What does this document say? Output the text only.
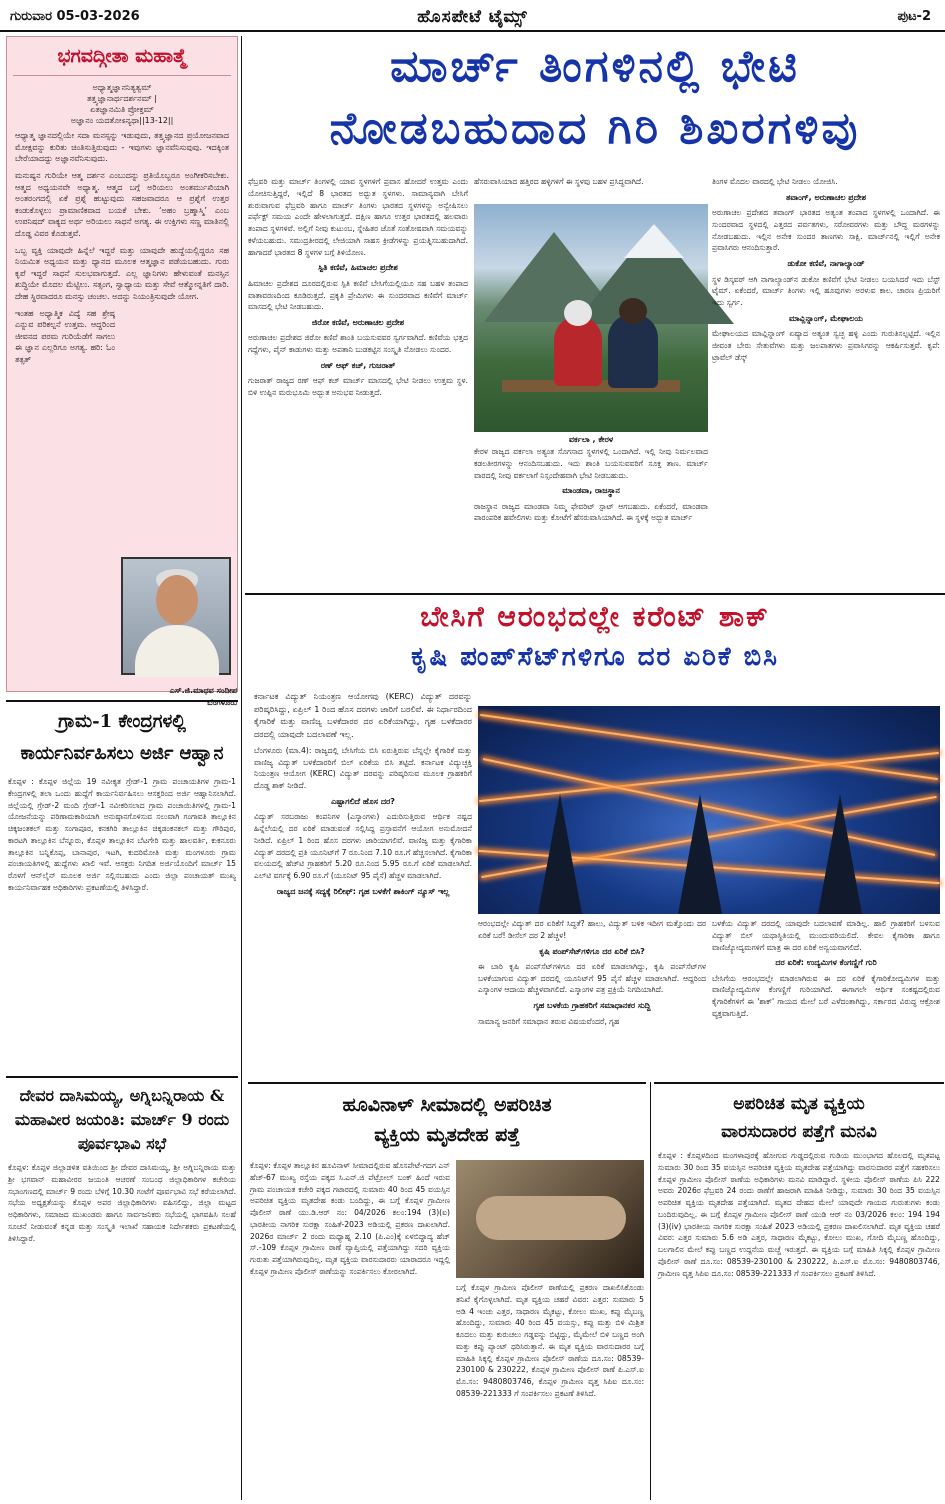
ಗುರುವಾರ 05-03-2026	ಹೊಸಪೇಟೆ ಟೈಮ್ಸ್	ಪುಟ-2
ಭಗವದ್ಗೀತಾ ಮಹಾತ್ಮೆ
ಅಧ್ಯಾತ್ಮಜ್ಞಾನನಿತ್ಯತ್ವಮ್
ತತ್ತ್ವಜ್ಞಾನಾರ್ಥದರ್ಶನಮ್ |
ಏತಜ್ಞಾನಮಿತಿ ಪ್ರೋಕ್ತಮ್
ಅಜ್ಞಾನಂ ಯದತೋಽನ್ಯಥಾ||13-12||

ಆಧ್ಯಾತ್ಮ ಜ್ಞಾನದಲ್ಲಿಯೇ ಸದಾ ಮನಸ್ಸನ್ನು ಇಡುವುದು, ತತ್ತ್ವಜ್ಞಾನದ ಪ್ರಯೋಜನವಾದ ಮೋಕ್ಷವನ್ನು ಕುರಿತು ಚಿಂತಿಸುತ್ತಿರುವುದು - ಇವುಗಳು ಜ್ಞಾನವೆನಿಸುವುವು. ಇದಕ್ಕಿಂತ ಬೇರೆಯಾದದ್ದು ಅಜ್ಞಾನವೆನಿಸುವುದು.

ಮನುಷ್ಯನ ಗುರಿಯೇ ಆತ್ಮ ದರ್ಶನ ಎಂಬುದನ್ನು ಪ್ರತಿಯೊಬ್ಬರೂ ಅಂಗೀಕರಿಸಬೇಕು. ಆತ್ಮದ ಅಧ್ಯಯನವೇ ಅಧ್ಯಾತ್ಮ. ಆತ್ಮದ ಬಗ್ಗೆ ಅರಿಯಲು ಅಂತರ್ಮುಖಿಯಾಗಿ ಅಂತರಂಗದಲ್ಲಿ ಏಕೆ ಪ್ರಶ್ನೆ ಹುಟ್ಟುವುದು ಸಹಜವಾದರೂ ಆ ಪ್ರಶ್ನೆಗೆ ಉತ್ತರ ಕಂಡುಕೊಳ್ಳಲು ಪ್ರಾಮಾಣಿಕವಾದ ಬಯಕೆ ಬೇಕು. ‘ಅಹಂ ಬ್ರಹ್ಮಾಸ್ಮಿ’ ಎಂಬ ಉಪನಿಷದ್ ವಾಕ್ಯದ ಅರ್ಥ ಅರಿಯಲು ಸಾಧನೆ ಅಗತ್ಯ. ಈ ಉಕ್ತಿಗಳು ಸಣ್ಣ ಮಾತಿನಲ್ಲಿ ದೊಡ್ಡ ವಿವರ ಕೊಡುತ್ತವೆ.

ಒಬ್ಬ ವ್ಯಕ್ತಿ ಯಾವುದೇ ಹಿನ್ನೆಲೆ ಇದ್ದರೆ ಮತ್ತು ಯಾವುದೇ ಹುದ್ದೆಯಲ್ಲಿದ್ದರೂ ಸಹ ನಿಯಮಿತ ಅಧ್ಯಯನ ಮತ್ತು ಧ್ಯಾನದ ಮೂಲಕ ಆತ್ಮಜ್ಞಾನ ಪಡೆಯಬಹುದು. ಗುರು ಕೃಪೆ ಇದ್ದರೆ ಸಾಧನೆ ಸುಲಭವಾಗುತ್ತದೆ. ಎಲ್ಲ ಜ್ಞಾನಿಗಳು ಹೇಳುವಂತೆ ಮನಸ್ಸಿನ ಶುದ್ಧಿಯೇ ಮೊದಲ ಮೆಟ್ಟಿಲು. ಸತ್ಸಂಗ, ಸ್ವಾಧ್ಯಾಯ ಮತ್ತು ಸೇವೆ ಆತ್ಮೋನ್ನತಿಗೆ ದಾರಿ. ದೇಹ ಸ್ಥಿರವಾದರೂ ಮನಸ್ಸು ಚಂಚಲ. ಅದನ್ನು ನಿಯಂತ್ರಿಸುವುದೇ ಯೋಗ.

ಇಂತಹ ಅಧ್ಯಾತ್ಮಿಕ ವಿದ್ಯೆ ಸಹ ಶ್ರೇಷ್ಠ ಎನ್ನುವ ಪರಿಕಲ್ಪನೆ ಉತ್ತಮ. ಆದ್ದರಿಂದ ಜೀವನದ ಪರಮ ಗುರಿಯೆಡೆಗೆ ಸಾಗಲು ಈ ಜ್ಞಾನ ಎಲ್ಲರಿಗೂ ಅಗತ್ಯ. ಹರಿ: ಓಂ ತತ್ಸತ್

ಎಸ್.ಜಿ.ಮಾಧವ ಸಂದೀಪ
ಬೆಂಗಳೂರು
ಗ್ರಾಮ-1 ಕೇಂದ್ರಗಳಲ್ಲಿ ಕಾರ್ಯನಿರ್ವಹಿಸಲು ಅರ್ಜಿ ಆಹ್ವಾನ
ಕೊಪ್ಪಳ : ಕೊಪ್ಪಳ ಜಿಲ್ಲೆಯ 19 ನವೀಕೃತ ಗ್ರೇಡ್-1 ಗ್ರಾಮ ಪಂಚಾಯತಿಗಳ ಗ್ರಾಮ-1 ಕೇಂದ್ರಗಳಲ್ಲಿ ತಲಾ ಒಂದು ಹುದ್ದೆಗೆ ಕಾರ್ಯನಿರ್ವಹಿಸಲು ಆಸಕ್ತರಿಂದ ಅರ್ಜಿ ಆಹ್ವಾನಿಸಲಾಗಿದೆ. ಜಿಲ್ಲೆಯಲ್ಲಿ ಗ್ರೇಡ್-2 ಮಂದಿ ಗ್ರೇಡ್-1 ನವೀಕರಿಸಲಾದ ಗ್ರಾಮ ಪಂಚಾಯಿತಿಗಳಲ್ಲಿ ಗ್ರಾಮ-1 ಯೋಜನೆಯನ್ನು ಪರಿಣಾಮಕಾರಿಯಾಗಿ ಅನುಷ್ಠಾನಗೊಳಿಸುವ ಸಲುವಾಗಿ ಗಂಗಾವತಿ ತಾಲ್ಲೂಕಿನ ಚಿಕ್ಕಜಂತಕಲ್ ಮತ್ತು ಸಂಗಾಪೂರ, ಕನಕಗಿರಿ ತಾಲ್ಲೂಕಿನ ಚಿಕ್ಕಡಂಕನಕಲ್ ಮತ್ತು ಗೌರಿಪುರ, ಕಾರಟಗಿ ತಾಲ್ಲೂಕಿನ ಬೆನ್ನೂರು, ಕೊಪ್ಪಳ ತಾಲ್ಲೂಕಿನ ಬೆಟಗೇರಿ ಮತ್ತು ಹಾಲವರ್ತಿ, ಕುಕನೂರು ತಾಲ್ಲೂಕಿನ ಬನ್ನಿಕೊಪ್ಪ, ಬಾನಾಪುರ, ಇಟಗಿ, ಕುದರಿಮೋತಿ ಮತ್ತು ಮಂಗಳೂರು ಗ್ರಾಮ ಪಂಚಾಯತಿಗಳಲ್ಲಿ ಹುದ್ದೆಗಳು ಖಾಲಿ ಇವೆ. ಆಸಕ್ತರು ನಿಗದಿತ ಅರ್ಜಿಯೊಂದಿಗೆ ಮಾರ್ಚ್ 15 ರೊಳಗೆ ಆನ್‌ಲೈನ್ ಮೂಲಕ ಅರ್ಜಿ ಸಲ್ಲಿಸಬಹುದು ಎಂದು ಜಿಲ್ಲಾ ಪಂಚಾಯತ್ ಮುಖ್ಯ ಕಾರ್ಯನಿರ್ವಾಹಕ ಅಧಿಕಾರಿಗಳು ಪ್ರಕಟಣೆಯಲ್ಲಿ ತಿಳಿಸಿದ್ದಾರೆ.
ದೇವರ ದಾಸಿಮಯ್ಯ, ಅಗ್ನಿಬನ್ನಿರಾಯ & ಮಹಾವೀರ ಜಯಂತಿ: ಮಾರ್ಚ್ 9 ರಂದು ಪೂರ್ವಭಾವಿ ಸಭೆ
ಕೊಪ್ಪಳ: ಕೊಪ್ಪಳ ಜಿಲ್ಲಾಡಳಿತ ವತಿಯಿಂದ ಶ್ರೀ ದೇವರ ದಾಸಿಮಯ್ಯ, ಶ್ರೀ ಅಗ್ನಿಬನ್ನಿರಾಯ ಮತ್ತು ಶ್ರೀ ಭಗವಾನ್ ಮಹಾವೀರರ ಜಯಂತಿ ಆಚರಣೆ ಸಂಬಂಧ ಜಿಲ್ಲಾಧಿಕಾರಿಗಳ ಕಚೇರಿಯ ಸಭಾಂಗಣದಲ್ಲಿ ಮಾರ್ಚ್ 9 ರಂದು ಬೆಳಿಗ್ಗೆ 10.30 ಗಂಟೆಗೆ ಪೂರ್ವಭಾವಿ ಸಭೆ ಕರೆಯಲಾಗಿದೆ. ಸಭೆಯ ಅಧ್ಯಕ್ಷತೆಯನ್ನು ಕೊಪ್ಪಳ ಅಪರ ಜಿಲ್ಲಾಧಿಕಾರಿಗಳು ವಹಿಸಲಿದ್ದು, ಜಿಲ್ಲಾ ಮಟ್ಟದ ಅಧಿಕಾರಿಗಳು, ಸಮಾಜದ ಮುಖಂಡರು ಹಾಗೂ ಸಾರ್ವಜನಿಕರು ಸಭೆಯಲ್ಲಿ ಭಾಗವಹಿಸಿ ಸಲಹೆ ಸೂಚನೆ ನೀಡುವಂತೆ ಕನ್ನಡ ಮತ್ತು ಸಂಸ್ಕೃತಿ ಇಲಾಖೆ ಸಹಾಯಕ ನಿರ್ದೇಶಕರು ಪ್ರಕಟಣೆಯಲ್ಲಿ ತಿಳಿಸಿದ್ದಾರೆ.
ಮಾರ್ಚ್ ತಿಂಗಳಿನಲ್ಲಿ ಭೇಟಿ
ನೋಡಬಹುದಾದ ಗಿರಿ ಶಿಖರಗಳಿವು

ಫೆಬ್ರವರಿ ಮತ್ತು ಮಾರ್ಚ್ ತಿಂಗಳಲ್ಲಿ ಯಾವ ಸ್ಥಳಗಳಿಗೆ ಪ್ರವಾಸ ಹೋದರೆ ಉತ್ತಮ ಎಂದು ಯೋಚಿಸುತ್ತಿದ್ದರೆ, ಇಲ್ಲಿದೆ 8 ಭಾರತದ ಅಧ್ಭುತ ಸ್ಥಳಗಳು. ಸಾಮಾನ್ಯವಾಗಿ ಬೇಸಿಗೆ ಶುರುವಾಗುವ ಫೆಬ್ರವರಿ ಹಾಗೂ ಮಾರ್ಚ್ ತಿಂಗಳು ಭಾರತದ ಸ್ಥಳಗಳನ್ನು ಅನ್ವೇಷಿಸಲು ಪರ್ಫೆಕ್ಟ್ ಸಮಯ ಎಂದೇ ಹೇಳಲಾಗುತ್ತದೆ. ದಕ್ಷಿಣ ಹಾಗೂ ಉತ್ತರ ಭಾರತದಲ್ಲಿ ಹಲವಾರು ತಂಪಾದ ಸ್ಥಳಗಳಿವೆ. ಅಲ್ಲಿಗೆ ನೀವು ಕುಟುಂಬ, ಸ್ನೇಹಿತರ ಜೊತೆ ಸಂತೋಷವಾಗಿ ಸಮಯವನ್ನು ಕಳೆಯಬಹುದು. ಸಮುದ್ರತೀರದಲ್ಲಿ ಲೇಜಿಯಾಗಿ ಸಾಹಸ ಕ್ರೀಡೆಗಳನ್ನು ಪ್ರಯತ್ನಿಸಬಹುದಾಗಿದೆ. ಹಾಗಾದರೆ ಭಾರತದ 8 ಸ್ಥಳಗಳ ಬಗ್ಗೆ ತಿಳಿಯೋಣ.

ಸ್ಪಿತಿ ಕಣಿವೆ, ಹಿಮಾಚಲ ಪ್ರದೇಶ

ಹಿಮಾಚಲ ಪ್ರದೇಶದ ದೂರದಲ್ಲಿರುವ ಸ್ಪಿತಿ ಕಣಿವೆ ಬೇಸಿಗೆಯಲ್ಲಿಯೂ ಸಹ ಬಹಳ ತಂಪಾದ ವಾತಾವರಣದಿಂದ ಕೂಡಿರುತ್ತದೆ. ಪ್ರಕೃತಿ ಪ್ರೇಮಿಗಳು ಈ ಸುಂದರವಾದ ಕಣಿವೆಗೆ ಮಾರ್ಚ್ ಮಾಸದಲ್ಲಿ ಭೇಟಿ ನೀಡಬಹುದು.

ಜಿರೋ ಕಣಿವೆ, ಅರುಣಾಚಲ ಪ್ರದೇಶ

ಅರುಣಾಚಲ ಪ್ರದೇಶದ ಜಿರೋ ಕಣಿವೆ ಶಾಂತಿ ಬಯಸುವವರ ಸ್ವರ್ಗವಾಗಿದೆ. ಕಣಿವೆಯ ಭತ್ತದ ಗದ್ದೆಗಳು, ಪೈನ್ ಕಾಡುಗಳು ಮತ್ತು ಅಪತಾನಿ ಬುಡಕಟ್ಟಿನ ಸಂಸ್ಕೃತಿ ನೋಡಲು ಸುಂದರ.

ರಣ್ ಆಫ್ ಕಚ್, ಗುಜರಾತ್

ಗುಜರಾತ್ ರಾಜ್ಯದ ರಣ್ ಆಫ್ ಕಚ್ ಮಾರ್ಚ್ ಮಾಸದಲ್ಲಿ ಭೇಟಿ ನೀಡಲು ಉತ್ತಮ ಸ್ಥಳ. ಬಿಳಿ ಉಪ್ಪಿನ ಮರುಭೂಮಿ ಅದ್ಭುತ ಅನುಭವ ನೀಡುತ್ತದೆ.

ಹೆಸರುವಾಸಿಯಾದ ಹತ್ತಿರದ ಹಳ್ಳಿಗಳಿಗೆ ಈ ಸ್ಥಳವು ಬಹಳ ಪ್ರಸಿದ್ಧವಾಗಿದೆ.
ವರ್ಕಲಾ , ಕೇರಳ

ಕೇರಳ ರಾಜ್ಯದ ವರ್ಕಲಾ ಅತ್ಯಂತ ಸೊಗಸಾದ ಸ್ಥಳಗಳಲ್ಲಿ ಒಂದಾಗಿದೆ. ಇಲ್ಲಿ ನೀವು ನಿರ್ಮಲವಾದ ಕಡಲತೀರಗಳನ್ನು ಆನಂದಿಸಬಹುದು. ಇದು ಶಾಂತಿ ಬಯಸುವವರಿಗೆ ಸೂಕ್ತ ತಾಣ. ಮಾರ್ಚ್ ವಾರದಲ್ಲಿ ನೀವು ವರ್ಕಲಾಗೆ ನಿಸ್ಸಂದೇಹವಾಗಿ ಭೇಟಿ ನೀಡಬಹುದು.

ಮಾಂಡವಾ, ರಾಜಸ್ಥಾನ

ರಾಜಸ್ಥಾನ ರಾಜ್ಯದ ಮಾಂಡವಾ ನಿಮ್ಮ ಫೇವರಿಟ್ ಸ್ಪಾಟ್ ಆಗಬಹುದು. ಏಕೆಂದರೆ, ಮಾಂಡವಾ ಪಾರಂಪರಿಕ ಹವೇಲಿಗಳು ಮತ್ತು ಕೋಟೆಗೆ ಹೆಸರುವಾಸಿಯಾಗಿದೆ. ಈ ಸ್ಥಳಕ್ಕೆ ಅದ್ಭುತ ಮಾರ್ಚ್

ತಿಂಗಳ ಮೊದಲ ವಾರದಲ್ಲಿ ಭೇಟಿ ನೀಡಲು ಯೋಜಿಸಿ.

ತವಾಂಗ್, ಅರುಣಾಚಲ ಪ್ರದೇಶ

ಅರುಣಾಚಲ ಪ್ರದೇಶದ ತವಾಂಗ್ ಭಾರತದ ಅತ್ಯಂತ ತಂಪಾದ ಸ್ಥಳಗಳಲ್ಲಿ ಒಂದಾಗಿದೆ. ಈ ಸುಂದರವಾದ ಸ್ಥಳದಲ್ಲಿ ಎತ್ತರದ ಪರ್ವತಗಳು, ಸರೋವರಗಳು ಮತ್ತು ಬೌದ್ಧ ಮಠಗಳನ್ನು ನೋಡಬಹುದು. ಇಲ್ಲಿನ ಅನೇಕ ಸುಂದರ ತಾಣಗಳು ಸಾಕ್ಷಿ. ಮಾರ್ಚ್‌ನಲ್ಲಿ ಇಲ್ಲಿಗೆ ಅನೇಕ ಪ್ರವಾಸಿಗರು ಆನಂದಿಸುತ್ತಾರೆ.

ಡುಕೋ ಕಣಿವೆ, ನಾಗಾಲ್ಯಾಂಡ್

ಸ್ಥಳ ಡಿಸ್ಕವರ್ ಆಗಿ ನಾಗಾಲ್ಯಾಂಡ್‌ನ ಡುಕೋ ಕಣಿವೆಗೆ ಭೇಟಿ ನೀಡಲು ಬಯಸಿದರೆ ಇದು ಬೆಸ್ಟ್ ಟೈಮ್. ಏಕೆಂದರೆ, ಮಾರ್ಚ್ ತಿಂಗಳು ಇಲ್ಲಿ ಹೂವುಗಳು ಅರಳುವ ಕಾಲ. ಚಾರಣ ಪ್ರಿಯರಿಗೆ ಇದು ಸ್ವರ್ಗ.

ಮಾವ್ಲಿನ್ನಾಂಗ್, ಮೇಘಾಲಯ

ಮೇಘಾಲಯದ ಮಾವ್ಲಿನ್ನಾಂಗ್ ಏಷ್ಯಾದ ಅತ್ಯಂತ ಸ್ವಚ್ಛ ಹಳ್ಳಿ ಎಂದು ಗುರುತಿಸಲ್ಪಟ್ಟಿದೆ. ಇಲ್ಲಿನ ಜೀವಂತ ಬೇರು ಸೇತುವೆಗಳು ಮತ್ತು ಜಲಪಾತಗಳು ಪ್ರವಾಸಿಗರನ್ನು ಆಕರ್ಷಿಸುತ್ತವೆ. ಕೃಪೆ: ಟ್ರಾವೆಲ್ ಡೆಸ್ಕ್

ಬೇಸಿಗೆ ಆರಂಭದಲ್ಲೇ ಕರೆಂಟ್ ಶಾಕ್
ಕೃಷಿ ಪಂಪ್‌ಸೆಟ್‌ಗಳಿಗೂ ದರ ಏರಿಕೆ ಬಿಸಿ

ಕರ್ನಾಟಕ ವಿದ್ಯುತ್ ನಿಯಂತ್ರಣ ಆಯೋಗವು (KERC) ವಿದ್ಯುತ್ ದರವನ್ನು ಪರಿಷ್ಕರಿಸಿದ್ದು, ಏಪ್ರಿಲ್ 1 ರಿಂದ ಹೊಸ ದರಗಳು ಜಾರಿಗೆ ಬರಲಿವೆ. ಈ ನಿರ್ಧಾರದಿಂದ ಕೈಗಾರಿಕೆ ಮತ್ತು ವಾಣಿಜ್ಯ ಬಳಕೆದಾರರ ದರ ಏರಿಕೆಯಾಗಿದ್ದು, ಗೃಹ ಬಳಕೆದಾರರ ದರದಲ್ಲಿ ಯಾವುದೇ ಬದಲಾವಣೆ ಇಲ್ಲ.

ಬೆಂಗಳೂರು (ಮಾ.4): ರಾಜ್ಯದಲ್ಲಿ ಬೇಸಿಗೆಯ ಬಿಸಿ ಏರುತ್ತಿರುವ ಬೆನ್ನಲ್ಲೇ ಕೈಗಾರಿಕೆ ಮತ್ತು ವಾಣಿಜ್ಯ ವಿದ್ಯುತ್ ಬಳಕೆದಾರರಿಗೆ ಬಿಲ್ ಏರಿಕೆಯ ಬಿಸಿ ತಟ್ಟಿದೆ. ಕರ್ನಾಟಕ ವಿದ್ಯುಚ್ಛಕ್ತಿ ನಿಯಂತ್ರಣ ಆಯೋಗ (KERC) ವಿದ್ಯುತ್ ದರವನ್ನು ಪರಿಷ್ಕರಿಸುವ ಮೂಲಕ ಗ್ರಾಹಕರಿಗೆ ದೊಡ್ಡ ಶಾಕ್ ನೀಡಿದೆ.

ಎಷ್ಟಾಗಲಿದೆ ಹೊಸ ದರ?

ವಿದ್ಯುತ್ ಸರಬರಾಜು ಕಂಪನಿಗಳ (ಎಸ್ಕಾಂಗಳು) ಎದುರಿಸುತ್ತಿರುವ ಆರ್ಥಿಕ ನಷ್ಟದ ಹಿನ್ನೆಲೆಯಲ್ಲಿ ದರ ಏರಿಕೆ ಮಾಡುವಂತೆ ಸಲ್ಲಿಸಿದ್ದ ಪ್ರಸ್ತಾವನೆಗೆ ಆಯೋಗ ಅನುಮೋದನೆ ನೀಡಿದೆ. ಏಪ್ರಿಲ್ 1 ರಿಂದ ಹೊಸ ದರಗಳು ಜಾರಿಯಾಗಲಿವೆ. ವಾಣಿಜ್ಯ ಮತ್ತು ಕೈಗಾರಿಕಾ ವಿದ್ಯುತ್ ದರದಲ್ಲಿ ಪ್ರತಿ ಯೂನಿಟ್‌ಗೆ 7 ರೂ.ನಿಂದ 7.10 ರೂ.ಗೆ ಹೆಚ್ಚಿಸಲಾಗಿದೆ. ಕೈಗಾರಿಕಾ ವಲಯದಲ್ಲಿ ಹೆಚ್‌ಟಿ ಗ್ರಾಹಕರಿಗೆ 5.20 ರೂ.ನಿಂದ 5.95 ರೂ.ಗೆ ಏರಿಕೆ ಮಾಡಲಾಗಿದೆ. ಎಲ್‌ಟಿ ವರ್ಗಕ್ಕೆ 6.90 ರೂ.ಗೆ (ಯೂನಿಟ್ 95 ಪೈಸೆ) ಹೆಚ್ಚಳ ಮಾಡಲಾಗಿದೆ.

ರಾಜ್ಯದ ಜನಕ್ಕೆ ಸದ್ಯಕ್ಕೆ ರಿಲೀಫ್: ಗೃಹ ಬಳಕೆಗೆ ಶಾಕಿಂಗ್ ನ್ಯೂಸ್ ಇಲ್ಲ

ಆರಂಭದಲ್ಲೇ ವಿದ್ಯುತ್ ದರ ಏರಿಕೆಗೆ ಸಿದ್ಧತೆ? ಹಾಲು, ವಿದ್ಯುತ್ ಬಳಿಕ ಇದೀಗ ಮತ್ತೊಂದು ದರ ಏರಿಕೆ ಬರೆ! ಡೀಸೆಲ್ ದರ 2 ಹೆಚ್ಚಳ!

ಕೃಷಿ ಪಂಪ್‌ಸೆಟ್‌ಗಳಿಗೂ ದರ ಏರಿಕೆ ಬಿಸಿ?

ಈ ಬಾರಿ ಕೃಷಿ ಪಂಪ್‌ಸೆಟ್‌ಗಳಿಗೂ ದರ ಏರಿಕೆ ಮಾಡಲಾಗಿದ್ದು, ಕೃಷಿ ಪಂಪ್‌ಸೆಟ್‌ಗಳ ಬಳಕೆಯಾಗುವ ವಿದ್ಯುತ್ ದರದಲ್ಲಿ ಯೂನಿಟ್‌ಗೆ 95 ಪೈಸೆ ಹೆಚ್ಚಳ ಮಾಡಲಾಗಿದೆ. ಆದ್ದರಿಂದ ಎಸ್ಕಾಂಗಳ ಆದಾಯ ಹೆಚ್ಚಳವಾಗಲಿದೆ. ಎಸ್ಕಾಂಗಳ ಪತ್ರ ಪ್ರಕ್ರಿಯೆ ನಿಗದಿಯಾಗಿದೆ.

ಗೃಹ ಬಳಕೆಯ ಗ್ರಾಹಕರಿಗೆ ಸಮಾಧಾನಕರ ಸುದ್ದಿ

ಸಾಮಾನ್ಯ ಜನರಿಗೆ ಸಮಾಧಾನ ತರುವ ವಿಷಯವೆಂದರೆ, ಗೃಹ

ಬಳಕೆಯ ವಿದ್ಯುತ್ ದರದಲ್ಲಿ ಯಾವುದೇ ಬದಲಾವಣೆ ಮಾಡಿಲ್ಲ. ಹಾಲಿ ಗ್ರಾಹಕರಿಗೆ ಬಳಸುವ ವಿದ್ಯುತ್ ಬಿಲ್ ಯಥಾಸ್ಥಿತಿಯಲ್ಲಿ ಮುಂದುವರಿಯಲಿದೆ. ಕೇವಲ ಕೈಗಾರಿಕಾ ಹಾಗೂ ವಾಣಿಜ್ಯೋದ್ಯಮಗಳಿಗೆ ಮಾತ್ರ ಈ ದರ ಏರಿಕೆ ಅನ್ವಯವಾಗಲಿದೆ.

ದರ ಏರಿಕೆ: ಉದ್ಯಮಿಗಳ ಕೆಂಗಣ್ಣಿಗೆ ಗುರಿ

ಬೇಸಿಗೆಯ ಆರಂಭದಲ್ಲೇ ಮಾಡಲಾಗಿರುವ ಈ ದರ ಏರಿಕೆ ಕೈಗಾರಿಕೋದ್ಯಮಿಗಳ ಮತ್ತು ವಾಣಿಜ್ಯೋದ್ಯಮಿಗಳ ಕೆಂಗಣ್ಣಿಗೆ ಗುರಿಯಾಗಿದೆ. ಈಗಾಗಲೇ ಆರ್ಥಿಕ ಸಂಕಷ್ಟದಲ್ಲಿರುವ ಕೈಗಾರಿಕೆಗಳಿಗೆ ಈ 'ಶಾಕ್' ಗಾಯದ ಮೇಲೆ ಬರೆ ಎಳೆದಂತಾಗಿದ್ದು, ಸರ್ಕಾರದ ವಿರುದ್ಧ ಆಕ್ರೋಶ ವ್ಯಕ್ತವಾಗುತ್ತಿದೆ.

ಹೂವಿನಾಳ್ ಸೀಮಾದಲ್ಲಿ ಅಪರಿಚಿತ
ವ್ಯಕ್ತಿಯ ಮೃತದೇಹ ಪತ್ತೆ
ಕೊಪ್ಪಳ: ಕೊಪ್ಪಳ ತಾಲ್ಲೂಕಿನ ಹೂವಿನಾಳ್ ಸೀಮಾದಲ್ಲಿರುವ ಹೊಸಪೇಟೆ-ಗದಗ ಎನ್ ಹೆಚ್-67 ಮುಖ್ಯ ರಸ್ತೆಯ ಪಕ್ಕದ ಸಿ.ಎನ್.ಜಿ ಪೆಟ್ರೋಲ್ ಬಂಕ್ ಹಿಂದೆ ಇರುವ ಗ್ರಾಮ ಪಂಚಾಯತ ಕಚೇರಿ ಪಕ್ಕದ ಗಟಾರದಲ್ಲಿ ಸುಮಾರು 40 ರಿಂದ 45 ವಯಸ್ಸಿನ ಅಪರಿಚಿತ ವ್ಯಕ್ತಿಯ ಮೃತದೇಹ ಕಂಡು ಬಂದಿದ್ದು, ಈ ಬಗ್ಗೆ ಕೊಪ್ಪಳ ಗ್ರಾಮೀಣ ಪೊಲೀಸ್ ಠಾಣೆ ಯು.ಡಿ.ಆರ್ ನಂ: 04/2026 ಕಲಂ:194 (3)(ಐ) ಭಾರತೀಯ ನಾಗರಿಕ ಸುರಕ್ಷಾ ಸಂಹಿತೆ-2023 ಅಡಿಯಲ್ಲಿ ಪ್ರಕರಣ ದಾಖಲಾಗಿದೆ. 2026ರ ಮಾರ್ಚ್ 2 ರಂದು ಮಧ್ಯಾಹ್ನ 2.10 (ಪಿ.ಎಂ)ಕ್ಕೆ ಏಳಬಿದ್ದಾದ್ಯ ಹೆಚ್ ಸ್.-109 ಕೊಪ್ಪಳ ಗ್ರಾಮೀಣ ಠಾಣೆ ವ್ಯಾಪ್ತಿಯಲ್ಲಿ ಪತ್ತೆಯಾಗಿದ್ದು ಸದರಿ ವ್ಯಕ್ತಿಯ ಗುರುತು ಪತ್ತೆಯಾಗಿರುವುದಿಲ್ಲ. ಮೃತ ವ್ಯಕ್ತಿಯ ವಾರಸುದಾರರು ಯಾರಾದರೂ ಇದ್ದಲ್ಲಿ ಕೊಪ್ಪಳ ಗ್ರಾಮೀಣ ಪೊಲೀಸ್ ಠಾಣೆಯನ್ನು ಸಂಪರ್ಕಿಸಲು ಕೋರಲಾಗಿದೆ.
ಬಗ್ಗೆ ಕೊಪ್ಪಳ ಗ್ರಾಮೀಣ ಪೊಲೀಸ್ ಠಾಣೆಯಲ್ಲಿ ಪ್ರಕರಣ ದಾಖಲಿಸಿಕೊಂಡು ತನಿಖೆ ಕೈಗೊಳ್ಳಲಾಗಿದೆ. ಮೃತ ವ್ಯಕ್ತಿಯ ಚಹರೆ ವಿವರ: ಎತ್ತರ: ಸುಮಾರು 5 ಅಡಿ 4 ಇಂಚು ಎತ್ತರ, ಸಾಧಾರಣ ಮೈಕಟ್ಟು, ಕೋಲು ಮುಖ, ಕಪ್ಪು ಮೈಬಣ್ಣ ಹೊಂದಿದ್ದು, ಸುಮಾರು 40 ರಿಂದ 45 ವಯಸ್ಸು, ಕಪ್ಪು ಮತ್ತು ಬಿಳಿ ಮಿಶ್ರಿತ ಕೂದಲು ಮತ್ತು ಕುರುಚಲು ಗಡ್ಡವನ್ನು ಬಿಟ್ಟಿದ್ದು, ಮೈಮೇಲೆ ಬಿಳಿ ಬಣ್ಣದ ಅಂಗಿ ಮತ್ತು ಕಪ್ಪು ಪ್ಯಾಂಟ್ ಧರಿಸಿರುತ್ತಾನೆ. ಈ ಮೃತ ವ್ಯಕ್ತಿಯ ವಾರಸುದಾರರ ಬಗ್ಗೆ ಮಾಹಿತಿ ಸಿಕ್ಕಲ್ಲಿ ಕೊಪ್ಪಳ ಗ್ರಾಮೀಣ ಪೊಲೀಸ್ ಠಾಣೆಯ ದೂ.ಸಂ: 08539-230100 & 230222, ಕೊಪ್ಪಳ ಗ್ರಾಮೀಣ ಪೊಲೀಸ್ ಠಾಣೆ ಪಿ.ಎಸ್.ಐ ಮೊ.ಸಂ: 9480803746, ಕೊಪ್ಪಳ ಗ್ರಾಮೀಣ ವೃತ್ತ ಸಿಪಿಐ ದೂ.ಸಂ: 08539-221333 ಗೆ ಸಂಪರ್ಕಿಸಲು ಪ್ರಕಟಣೆ ತಿಳಿಸಿದೆ.
ಅಪರಿಚಿತ ಮೃತ ವ್ಯಕ್ತಿಯ
ವಾರಸುದಾರರ ಪತ್ತೆಗೆ ಮನವಿ
ಕೊಪ್ಪಳ : ಕೊಪ್ಪಳದಿಂದ ಮಂಗಳಾಪುರಕ್ಕೆ ಹೋಗುವ ಗುಡ್ಡದಲ್ಲಿರುವ ಗುಡಿಯ ಮುಂಭಾಗದ ಹೊಲದಲ್ಲಿ ಮೃತಪಟ್ಟ ಸುಮಾರು 30 ರಿಂದ 35 ವಯಸ್ಸಿನ ಅಪರಿಚಿತ ವ್ಯಕ್ತಿಯ ಮೃತದೇಹ ಪತ್ತೆಯಾಗಿದ್ದು ವಾರಸುದಾರರ ಪತ್ತೆಗೆ ಸಹಕರಿಸಲು ಕೊಪ್ಪಳ ಗ್ರಾಮೀಣ ಪೊಲೀಸ್ ಠಾಣೆಯ ಅಧಿಕಾರಿಗಳು ಮನವಿ ಮಾಡಿದ್ದಾರೆ. ಸ್ಥಳೀಯ ಪೊಲೀಸ್ ಠಾಣೆಯ ಪಿಸಿ 222 ಅವರು 2026ರ ಫೆಬ್ರವರಿ 24 ರಂದು ಠಾಣೆಗೆ ಹಾಜರಾಗಿ ಮಾಹಿತಿ ನೀಡಿದ್ದು, ಸುಮಾರು 30 ರಿಂದ 35 ವಯಸ್ಸಿನ ಅಪರಿಚಿತ ವ್ಯಕ್ತಿಯ ಮೃತದೇಹ ಪತ್ತೆಯಾಗಿದೆ. ಮೃತದ ದೇಹದ ಮೇಲೆ ಯಾವುದೇ ಗಾಯದ ಗುರುತುಗಳು ಕಂಡು ಬಂದಿರುವುದಿಲ್ಲ. ಈ ಬಗ್ಗೆ ಕೊಪ್ಪಳ ಗ್ರಾಮೀಣ ಪೊಲೀಸ್ ಠಾಣೆ ಯುಡಿ ಆರ್ ನಂ 03/2026 ಕಲಂ: 194 194 (3)(iv) ಭಾರತೀಯ ನಾಗರಿಕ ಸುರಕ್ಷಾ ಸಂಹಿತೆ 2023 ಅಡಿಯಲ್ಲಿ ಪ್ರಕರಣ ದಾಖಲಿಸಲಾಗಿದೆ. ಮೃತ ವ್ಯಕ್ತಿಯ ಚಹರೆ ವಿವರ: ಎತ್ತರ ಸುಮಾರು 5.6 ಅಡಿ ಎತ್ತರ, ಸಾಧಾರಣ ಮೈಕಟ್ಟು, ಕೋಲು ಮುಖ, ಗೋದಿ ಮೈಬಣ್ಣ ಹೊಂದಿದ್ದು, ಬಲಗಾಲಿನ ಮೇಲೆ ಕಪ್ಪು ಬಣ್ಣದ ಉದ್ದನೆಯ ಮಚ್ಚೆ ಇರುತ್ತದೆ. ಈ ವ್ಯಕ್ತಿಯ ಬಗ್ಗೆ ಮಾಹಿತಿ ಸಿಕ್ಕಲ್ಲಿ ಕೊಪ್ಪಳ ಗ್ರಾಮೀಣ ಪೊಲೀಸ್ ಠಾಣೆ ದೂ.ಸಂ: 08539-230100 & 230222, ಪಿ.ಎಸ್.ಐ ಮೊ.ಸಂ: 9480803746, ಗ್ರಾಮೀಣ ವೃತ್ತ ಸಿಪಿಐ ದೂ.ಸಂ: 08539-221333 ಗೆ ಸಂಪರ್ಕಿಸಲು ಪ್ರಕಟಣೆ ತಿಳಿಸಿದೆ.
